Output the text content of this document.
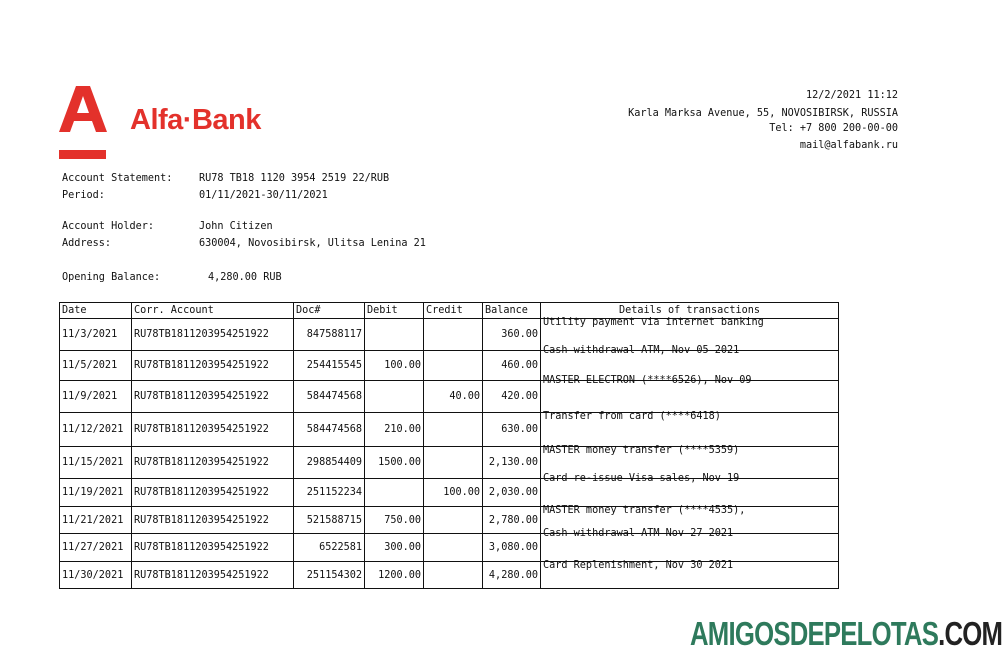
Alfa·Bank
12/2/2021 11:12
Karla Marksa Avenue, 55, NOVOSIBIRSK, RUSSIA
Tel: +7 800 200-00-00
mail@alfabank.ru
Account Statement:	RU78 TB18 1120 3954 2519 22/RUB
Period:	01/11/2021-30/11/2021
Account Holder:	John Citizen
Address:	630004, Novosibirsk, Ulitsa Lenina 21
Opening Balance:	4,280.00 RUB
Date	Corr. Account	Doc#	Debit	Credit	Balance	Details of transactions
11/3/2021	RU78TB1811203954251922	847588117			360.00	Utility payment via internet banking

11/5/2021	RU78TB1811203954251922	254415545	100.00		460.00	Cash withdrawal ATM, Nov 05 2021

11/9/2021	RU78TB1811203954251922	584474568		40.00	420.00	MASTER ELECTRON (****6526), Nov 09

11/12/2021	RU78TB1811203954251922	584474568	210.00		630.00	Transfer from card (****6418)

11/15/2021	RU78TB1811203954251922	298854409	1500.00		2,130.00	MASTER money transfer (****5359)

11/19/2021	RU78TB1811203954251922	251152234		100.00	2,030.00	Card re-issue Visa sales, Nov 19

11/21/2021	RU78TB1811203954251922	521588715	750.00		2,780.00	MASTER money transfer (****4535),

11/27/2021	RU78TB1811203954251922	6522581	300.00		3,080.00	Cash withdrawal ATM Nov 27 2021

11/30/2021	RU78TB1811203954251922	251154302	1200.00		4,280.00	Card Replenishment, Nov 30 2021
AMIGOSDEPELOTAS.COM
